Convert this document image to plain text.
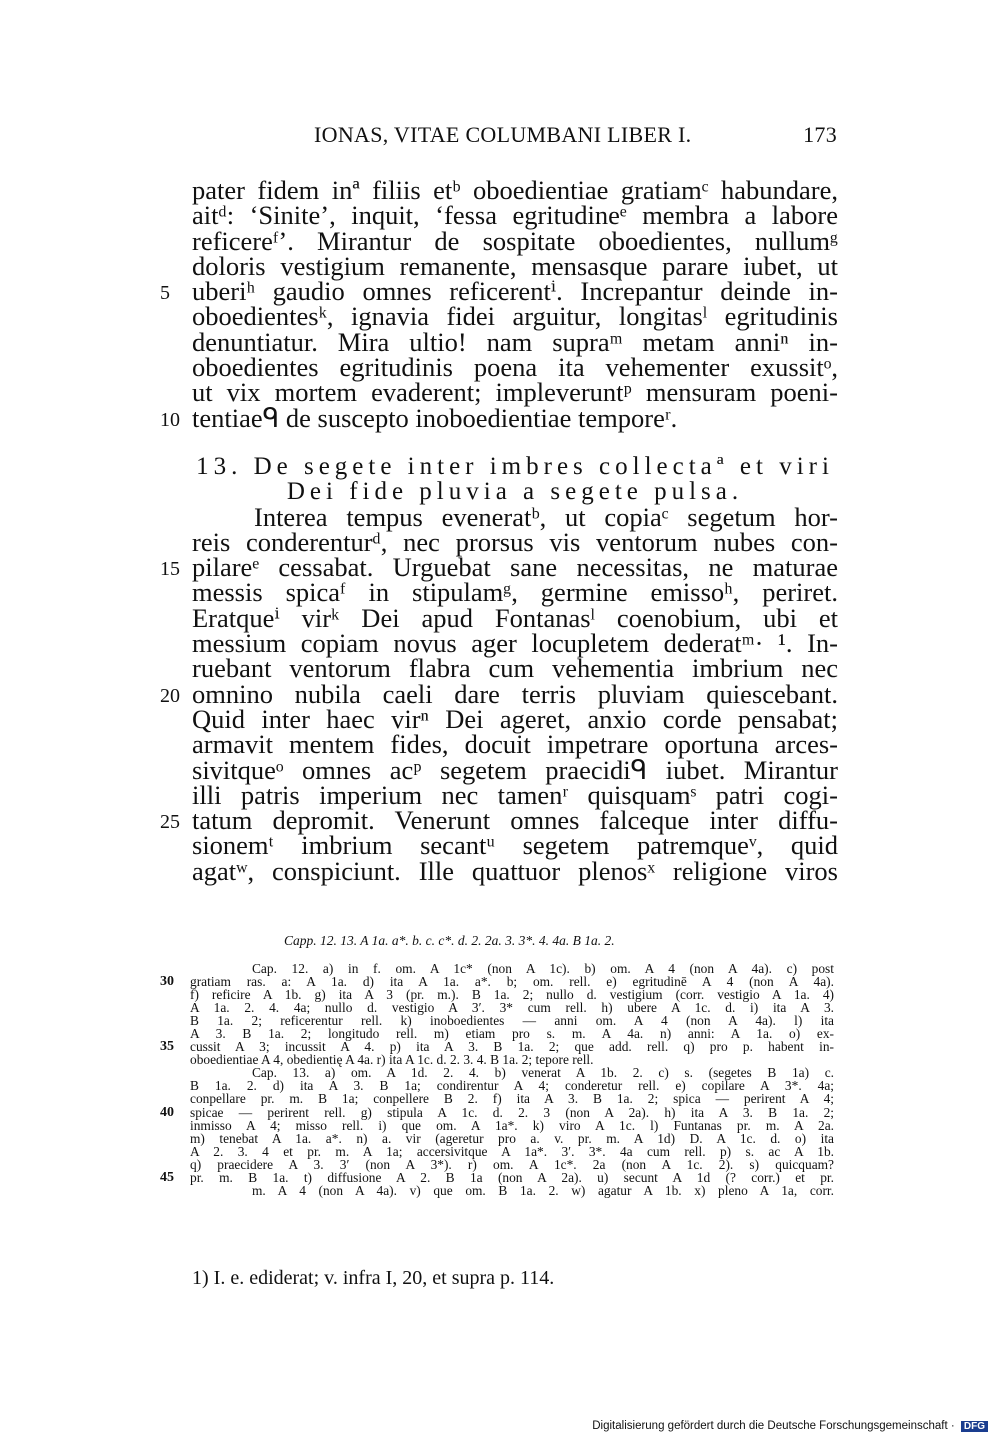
IONAS, VITAE COLUMBANI LIBER I.	173
pater fidem inª filiis etᵇ oboedientiae gratiamᶜ habundare,
aitᵈ: ‘Sinite’, inquit, ‘fessa egritudineᵉ membra a labore
reficereᶠ’. Mirantur de sospitate oboedientes, nullumᵍ
doloris vestigium remanente, mensasque parare iubet, ut
5 uberiʰ gaudio omnes reficerentⁱ. Increpantur deinde in-
oboedientesᵏ, ignavia fidei arguitur, longitasˡ egritudinis
denuntiatur. Mira ultio! nam supraᵐ metam anniⁿ in-
oboedientes egritudinis poena ita vehementer exussitᵒ,
ut vix mortem evaderent; impleveruntᵖ mensuram poeni-
10 tentiaeᑫ de suscepto inoboedientiae temporeʳ.
13. De segete inter imbres collectaª et viri
Dei fide pluvia a segete pulsa.
Interea tempus eveneratᵇ, ut copiaᶜ segetum hor-
reis conderenturᵈ, nec prorsus vis ventorum nubes con-
15 pilareᵉ cessabat. Urguebat sane necessitas, ne maturae
messis spicaᶠ in stipulamᵍ, germine emissoʰ, periret.
Eratqueⁱ virᵏ Dei apud Fontanasˡ coenobium, ubi et
messium copiam novus ager locupletem dederatᵐ· ¹. In-
ruebant ventorum flabra cum vehementia imbrium nec
20 omnino nubila caeli dare terris pluviam quiescebant.
Quid inter haec virⁿ Dei ageret, anxio corde pensabat;
armavit mentem fides, docuit impetrare oportuna arces-
sivitqueᵒ omnes acᵖ segetem praecidiᑫ iubet. Mirantur
illi patris imperium nec tamenʳ quisquamˢ patri cogi-
25 tatum depromit. Venerunt omnes falceque inter diffu-
sionemᵗ imbrium secantᵘ segetem patremqueᵛ, quid
agatʷ, conspiciunt. Ille quattuor plenosˣ religione viros
Capp. 12. 13. A 1a. a*. b. c. c*. d. 2. 2a. 3. 3*. 4. 4a. B 1a. 2.
Cap. 12. a) in f. om. A 1c* (non A 1c). b) om. A 4 (non A 4a). c) post
30	gratiam ras. a: A 1a. d) ita A 1a. a*. b; om. rell. e) egritudinē A 4 (non A 4a).
f) reficire A 1b. g) ita A 3 (pr. m.). B 1a. 2; nullo d. vestigium (corr. vestigio A 1a. 4)
A 1a. 2. 4. 4a; nullo d. vestigio A 3′. 3* cum rell. h) ubere A 1c. d. i) ita A 3.
B 1a. 2; reficerentur rell. k) inoboedientes — anni om. A 4 (non A 4a). l) ita
A 3. B 1a. 2; longitudo rell. m) etiam pro s. m. A 4a. n) anni: A 1a. o) ex-
35	cussit A 3; incussit A 4. p) ita A 3. B 1a. 2; que add. rell. q) pro p. habent in-
oboedientiae A 4, obedientię A 4a. r) ita A 1c. d. 2. 3. 4. B 1a. 2; tepore rell.
Cap. 13. a) om. A 1d. 2. 4. b) venerat A 1b. 2. c) s. (segetes B 1a) c.
B 1a. 2. d) ita A 3. B 1a; condirentur A 4; conderetur rell. e) copilare A 3*. 4a;
conpellare pr. m. B 1a; conpellere B 2. f) ita A 3. B 1a. 2; spica — perirent A 4;
40	spicae — perirent rell. g) stipula A 1c. d. 2. 3 (non A 2a). h) ita A 3. B 1a. 2;
inmisso A 4; misso rell. i) que om. A 1a*. k) viro A 1c. l) Funtanas pr. m. A 2a.
m) tenebat A 1a. a*. n) a. vir (ageretur pro a. v. pr. m. A 1d) D. A 1c. d. o) ita
A 2. 3. 4 et pr. m. A 1a; accersivitque A 1a*. 3′. 3*. 4a cum rell. p) s. ac A 1b.
q) praecidere A 3. 3′ (non A 3*). r) om. A 1c*. 2a (non A 1c. 2). s) quicquam?
45	pr. m. B 1a. t) diffusione A 2. B 1a (non A 2a). u) secunt A 1d (? corr.) et pr.
m. A 4 (non A 4a). v) que om. B 1a. 2. w) agatur A 1b. x) pleno A 1a, corr.
1) I. e. ediderat; v. infra I, 20, et supra p. 114.
Digitalisierung gefördert durch die Deutsche Forschungsgemeinschaft · DFG
